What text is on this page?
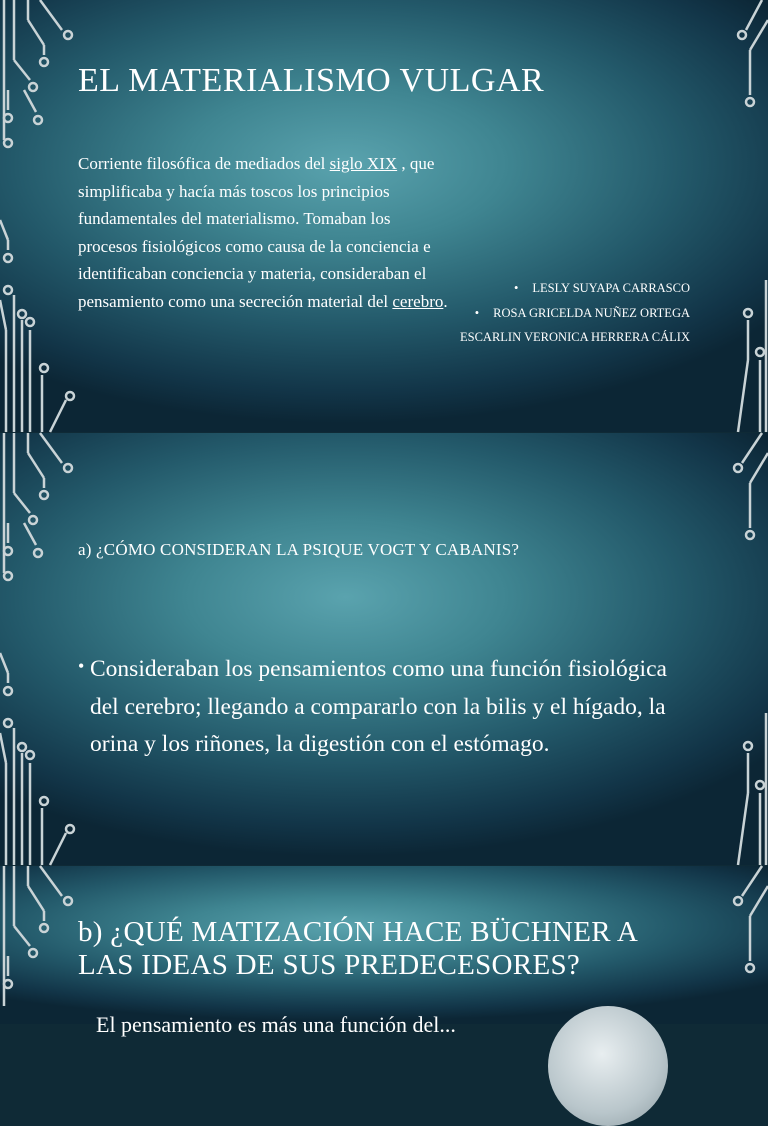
EL MATERIALISMO VULGAR

Corriente filosófica de mediados del siglo XIX , que simplificaba y hacía más toscos los principios fundamentales del materialismo. Tomaban los procesos fisiológicos como causa de la conciencia e identificaban conciencia y materia, consideraban el pensamiento como una secreción material del cerebro.

• LESLY SUYAPA CARRASCO
• ROSA GRICELDA NUÑEZ ORTEGA
ESCARLIN VERONICA HERRERA CÁLIX
a) ¿CÓMO CONSIDERAN LA PSIQUE VOGT Y CABANIS?
• Consideraban los pensamientos como una función fisiológica del cerebro; llegando a compararlo con la bilis y el hígado, la orina y los riñones, la digestión con el estómago.
b) ¿QUÉ MATIZACIÓN HACE BÜCHNER A LAS IDEAS DE SUS PREDECESORES?

El pensamiento es más una función del...
